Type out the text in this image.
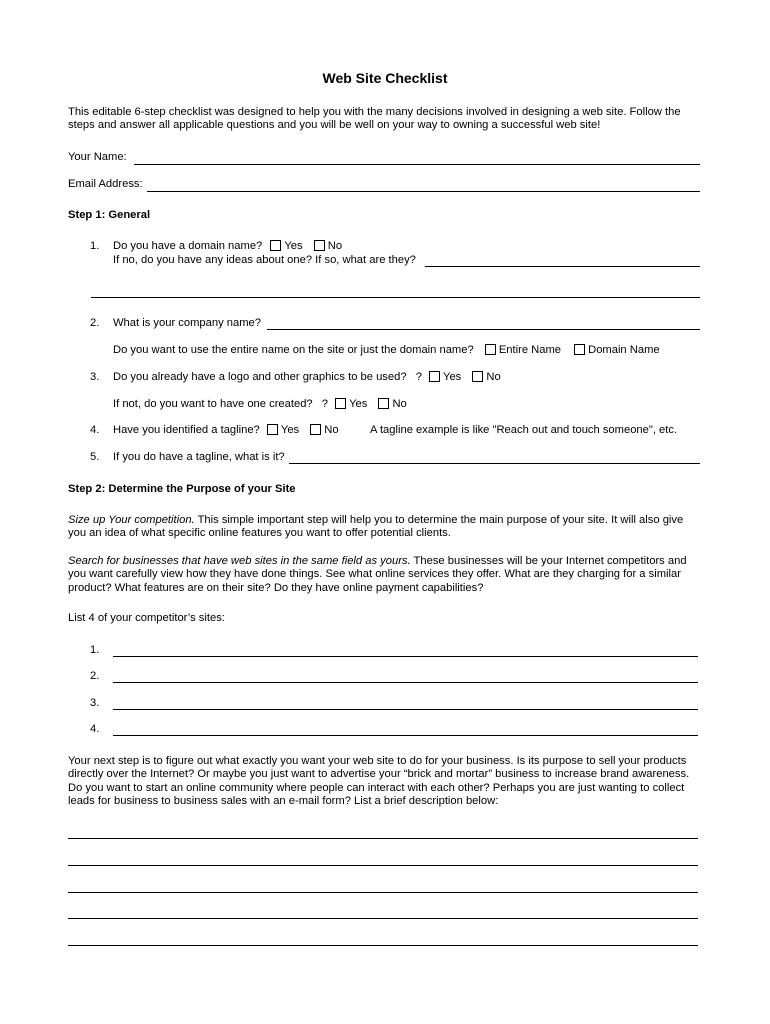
Web Site Checklist
This editable 6-step checklist was designed to help you with the many decisions involved in designing a web site. Follow the steps and answer all applicable questions and you will be well on your way to owning a successful web site!
Your Name:
Email Address:
Step 1: General
1. Do you have a domain name? Yes No
If no, do you have any ideas about one? If so, what are they?
2. What is your company name?
Do you want to use the entire name on the site or just the domain name? Entire Name Domain Name
3. Do you already have a logo and other graphics to be used? ? Yes No
If not, do you want to have one created? ? Yes No
4. Have you identified a tagline? Yes No	A tagline example is like "Reach out and touch someone", etc.
5. If you do have a tagline, what is it?
Step 2: Determine the Purpose of your Site
Size up Your competition. This simple important step will help you to determine the main purpose of your site. It will also give you an idea of what specific online features you want to offer potential clients.
Search for businesses that have web sites in the same field as yours. These businesses will be your Internet competitors and you want carefully view how they have done things. See what online services they offer. What are they charging for a similar product? What features are on their site? Do they have online payment capabilities?
List 4 of your competitor’s sites:
1.
2.
3.
4.
Your next step is to figure out what exactly you want your web site to do for your business. Is its purpose to sell your products directly over the Internet? Or maybe you just want to advertise your “brick and mortar” business to increase brand awareness. Do you want to start an online community where people can interact with each other? Perhaps you are just wanting to collect leads for business to business sales with an e-mail form? List a brief description below:
